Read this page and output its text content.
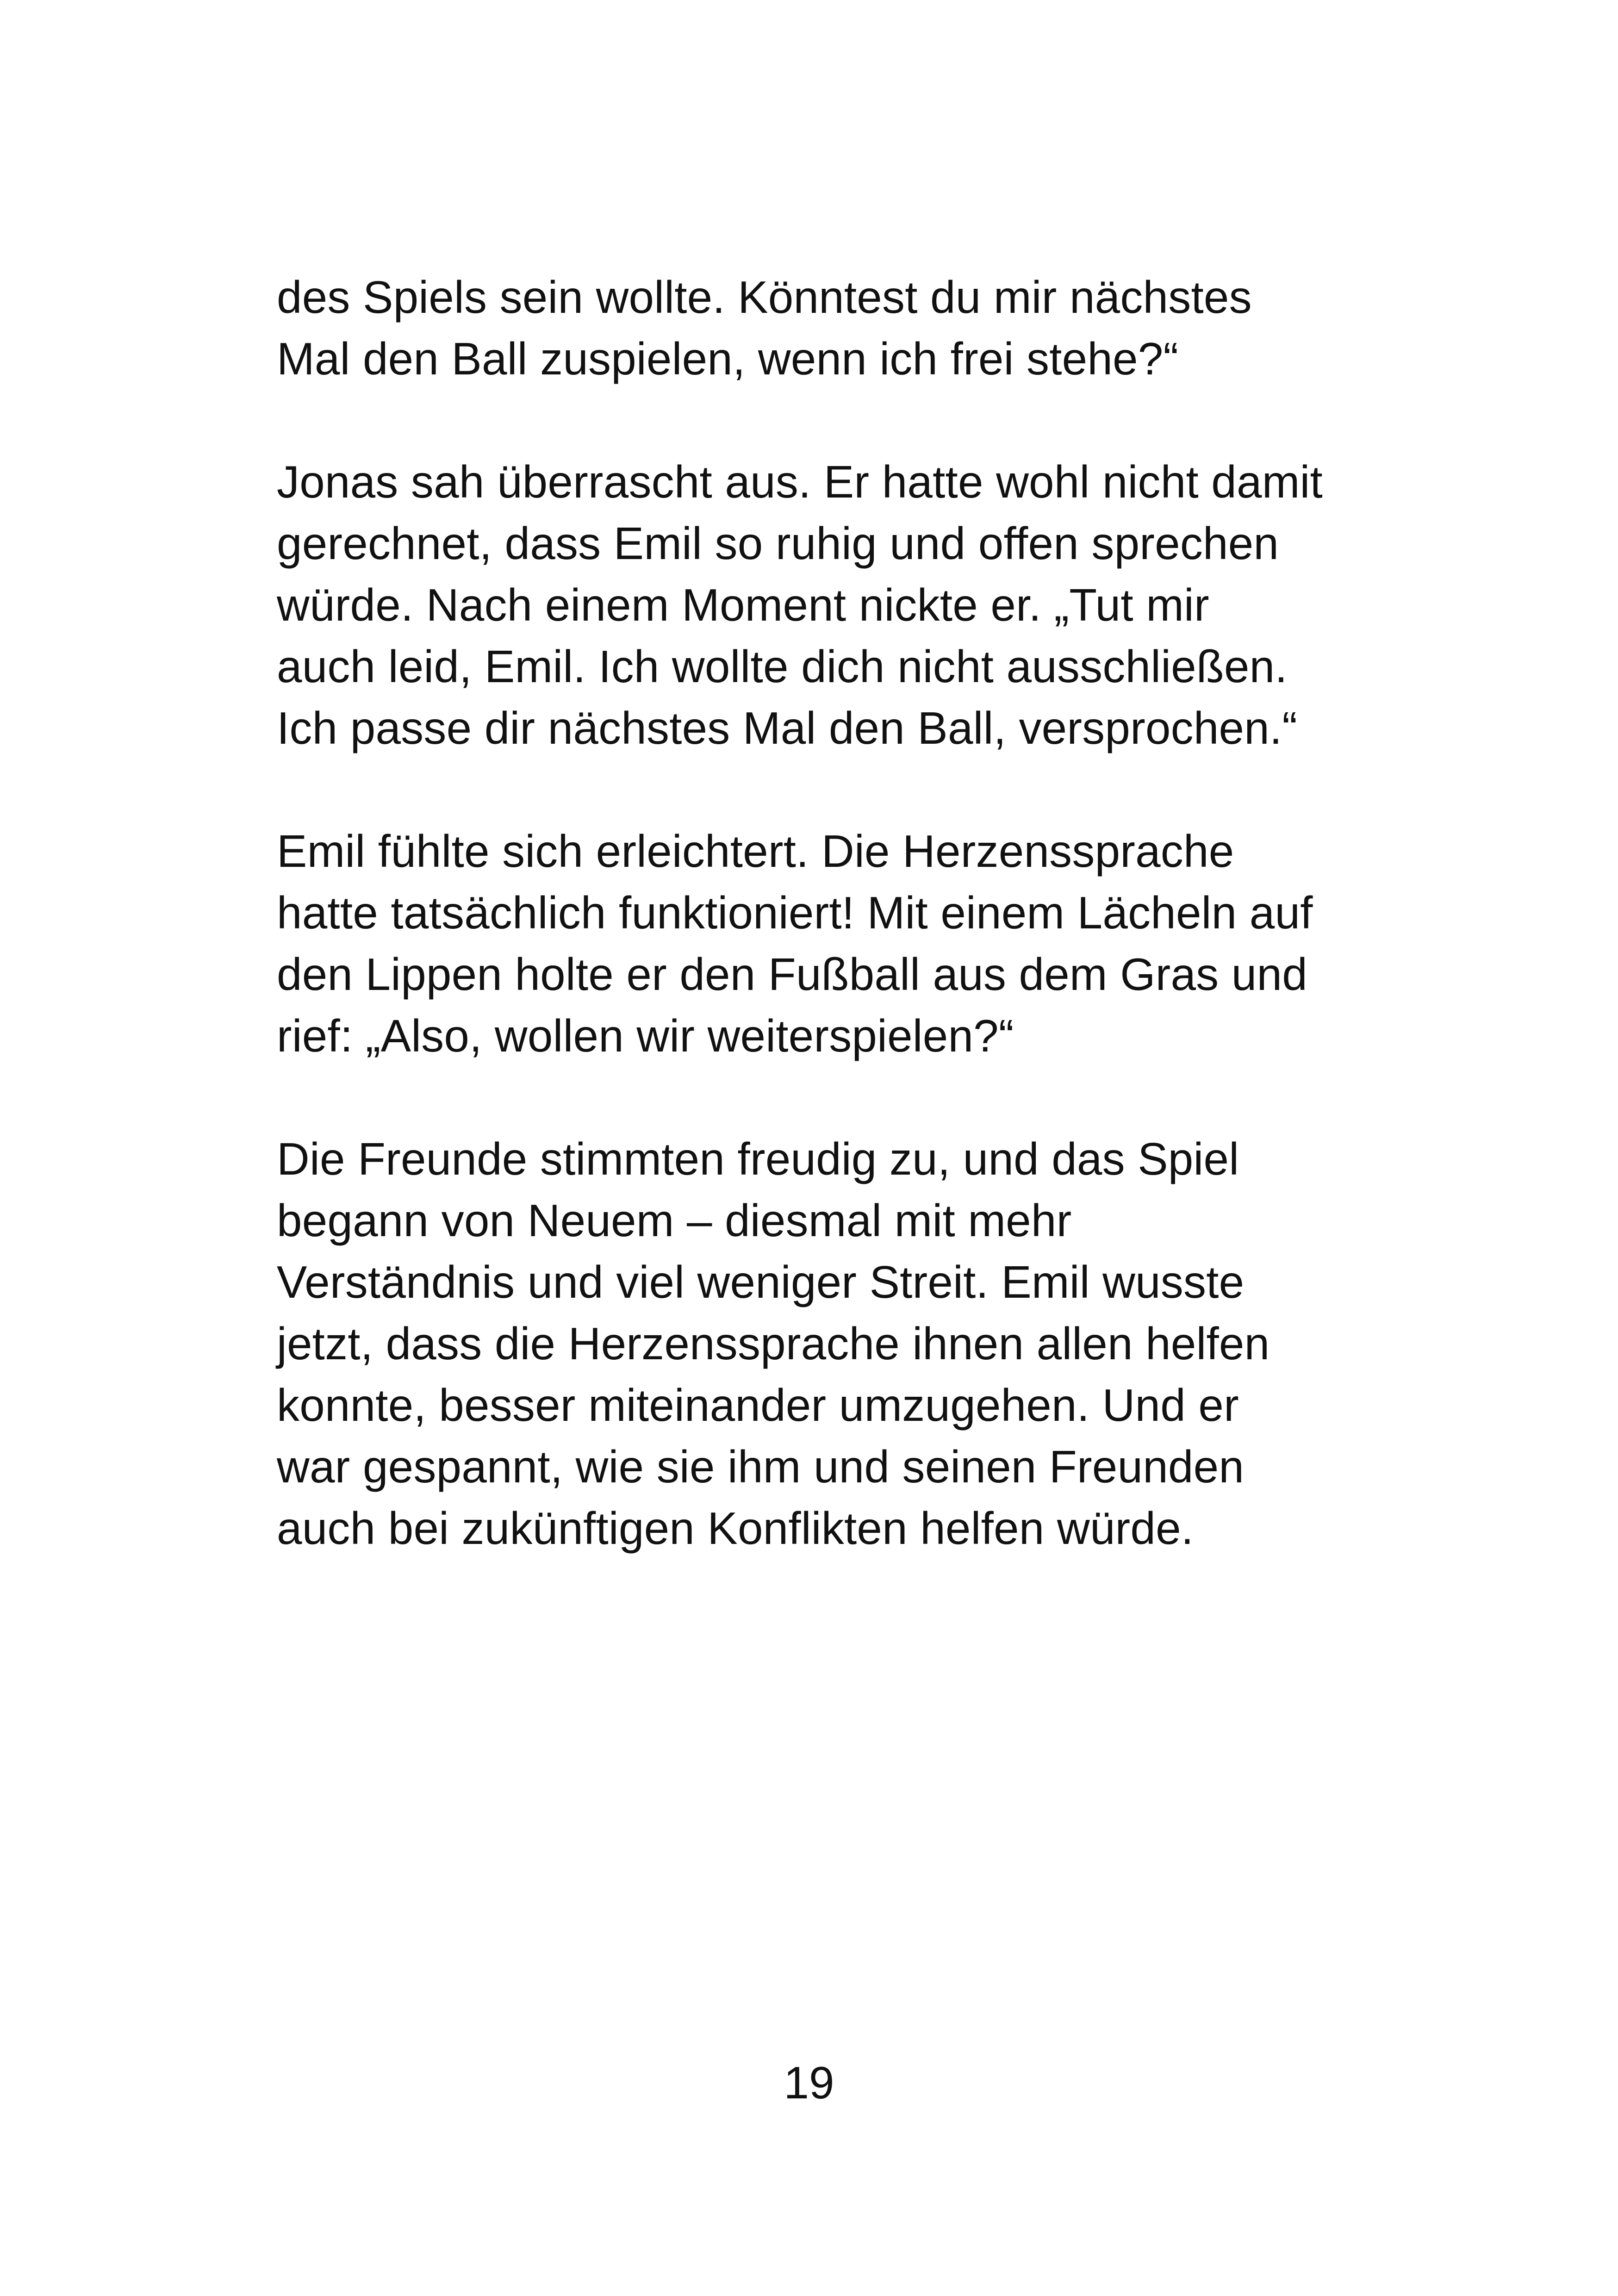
des Spiels sein wollte. Könntest du mir nächstes
Mal den Ball zuspielen, wenn ich frei stehe?“
Jonas sah überrascht aus. Er hatte wohl nicht damit
gerechnet, dass Emil so ruhig und offen sprechen
würde. Nach einem Moment nickte er. „Tut mir
auch leid, Emil. Ich wollte dich nicht ausschließen.
Ich passe dir nächstes Mal den Ball, versprochen.“
Emil fühlte sich erleichtert. Die Herzenssprache
hatte tatsächlich funktioniert! Mit einem Lächeln auf
den Lippen holte er den Fußball aus dem Gras und
rief: „Also, wollen wir weiterspielen?“
Die Freunde stimmten freudig zu, und das Spiel
begann von Neuem – diesmal mit mehr
Verständnis und viel weniger Streit. Emil wusste
jetzt, dass die Herzenssprache ihnen allen helfen
konnte, besser miteinander umzugehen. Und er
war gespannt, wie sie ihm und seinen Freunden
auch bei zukünftigen Konflikten helfen würde.
19
